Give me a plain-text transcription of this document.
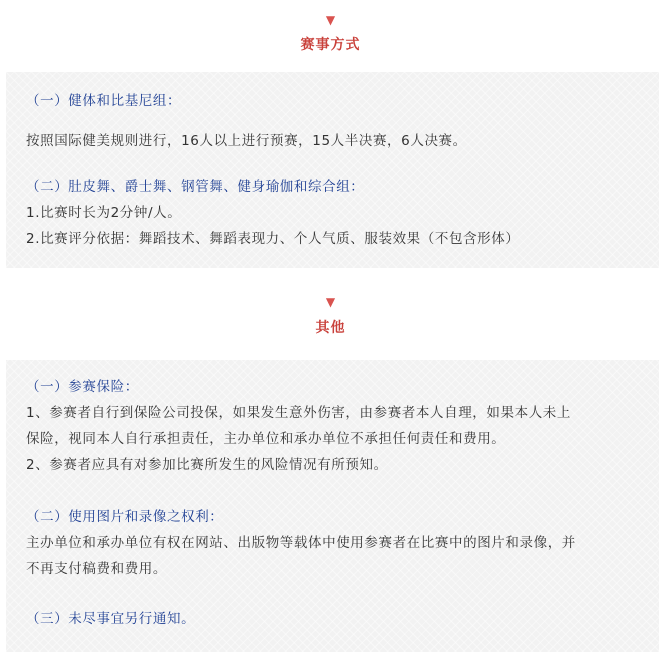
▼
赛事方式
（一）健体和比基尼组：
按照国际健美规则进行，16人以上进行预赛，15人半决赛，6人决赛。
（二）肚皮舞、爵士舞、钢管舞、健身瑜伽和综合组：
1.比赛时长为2分钟/人。
2.比赛评分依据：舞蹈技术、舞蹈表现力、个人气质、服装效果（不包含形体）
▼
其他
（一）参赛保险：
1、参赛者自行到保险公司投保，如果发生意外伤害，由参赛者本人自理，如果本人未上
保险，视同本人自行承担责任，主办单位和承办单位不承担任何责任和费用。
2、参赛者应具有对参加比赛所发生的风险情况有所预知。
（二）使用图片和录像之权利：
主办单位和承办单位有权在网站、出版物等载体中使用参赛者在比赛中的图片和录像，并
不再支付稿费和费用。
（三）未尽事宜另行通知。
